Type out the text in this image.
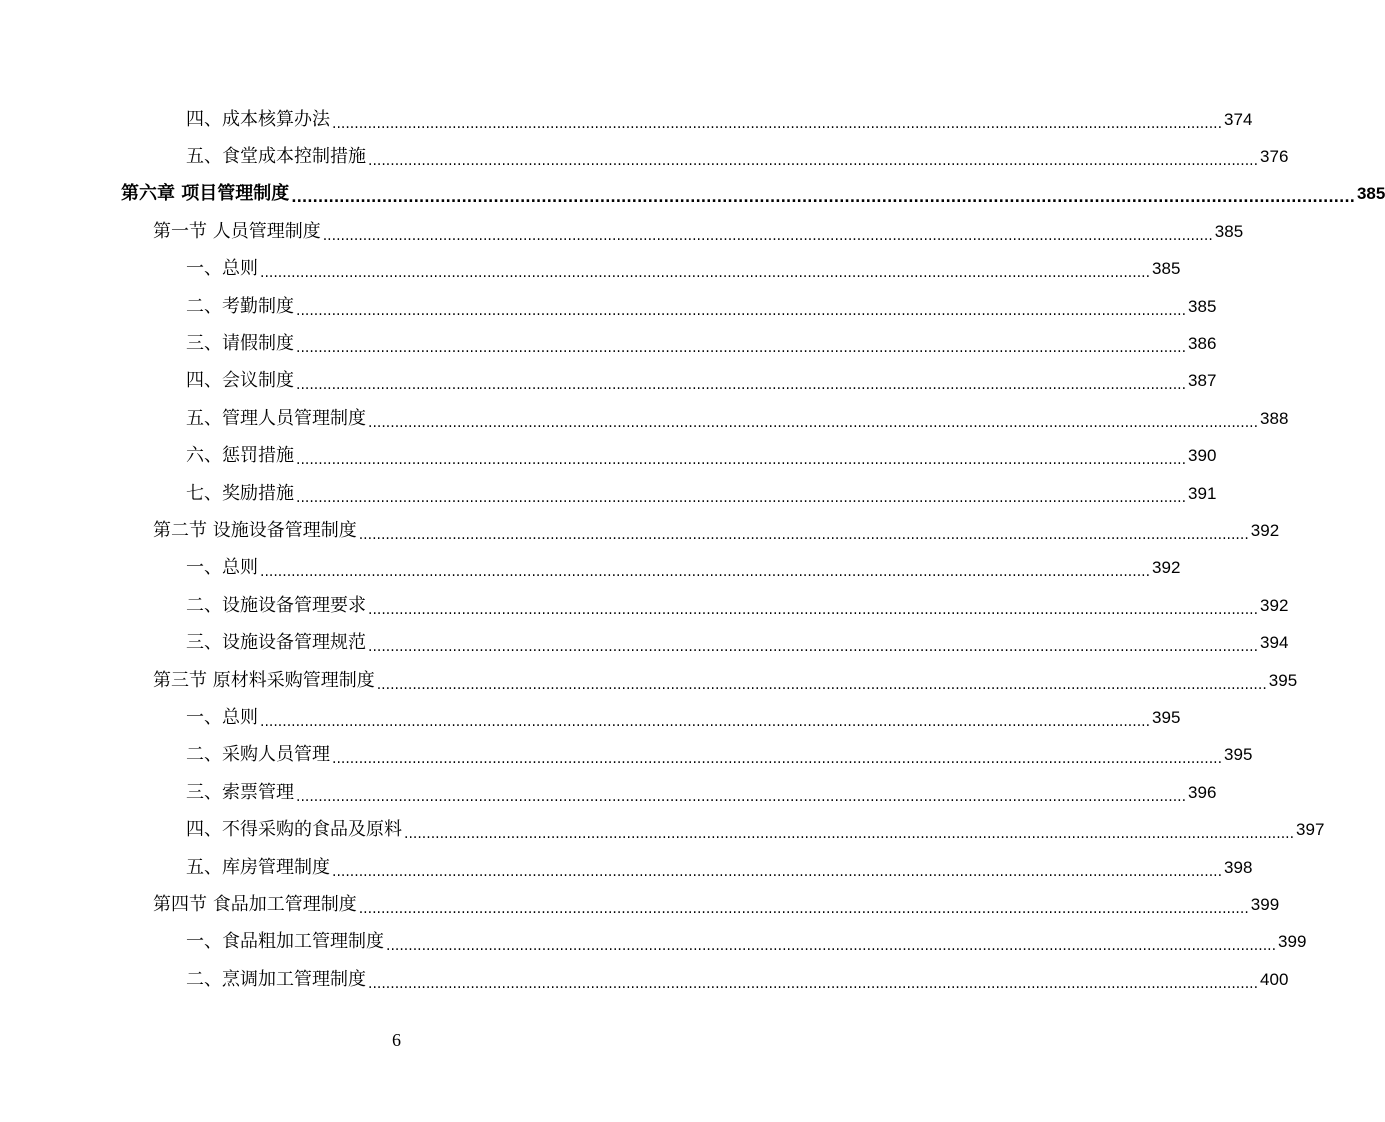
四、成本核算办法 ........................................................................................................................................................................................................ 374
五、食堂成本控制措施 ........................................................................................................................................................................................................ 376
第六章 项目管理制度 ........................................................................................................................................................................................................ 385
第一节 人员管理制度 ........................................................................................................................................................................................................ 385
一、总则 ........................................................................................................................................................................................................ 385
二、考勤制度 ........................................................................................................................................................................................................ 385
三、请假制度 ........................................................................................................................................................................................................ 386
四、会议制度 ........................................................................................................................................................................................................ 387
五、管理人员管理制度 ........................................................................................................................................................................................................ 388
六、惩罚措施 ........................................................................................................................................................................................................ 390
七、奖励措施 ........................................................................................................................................................................................................ 391
第二节 设施设备管理制度 ........................................................................................................................................................................................................ 392
一、总则 ........................................................................................................................................................................................................ 392
二、设施设备管理要求 ........................................................................................................................................................................................................ 392
三、设施设备管理规范 ........................................................................................................................................................................................................ 394
第三节 原材料采购管理制度 ........................................................................................................................................................................................................ 395
一、总则 ........................................................................................................................................................................................................ 395
二、采购人员管理 ........................................................................................................................................................................................................ 395
三、索票管理 ........................................................................................................................................................................................................ 396
四、不得采购的食品及原料 ........................................................................................................................................................................................................ 397
五、库房管理制度 ........................................................................................................................................................................................................ 398
第四节 食品加工管理制度 ........................................................................................................................................................................................................ 399
一、食品粗加工管理制度 ........................................................................................................................................................................................................ 399
二、烹调加工管理制度 ........................................................................................................................................................................................................ 400
6
